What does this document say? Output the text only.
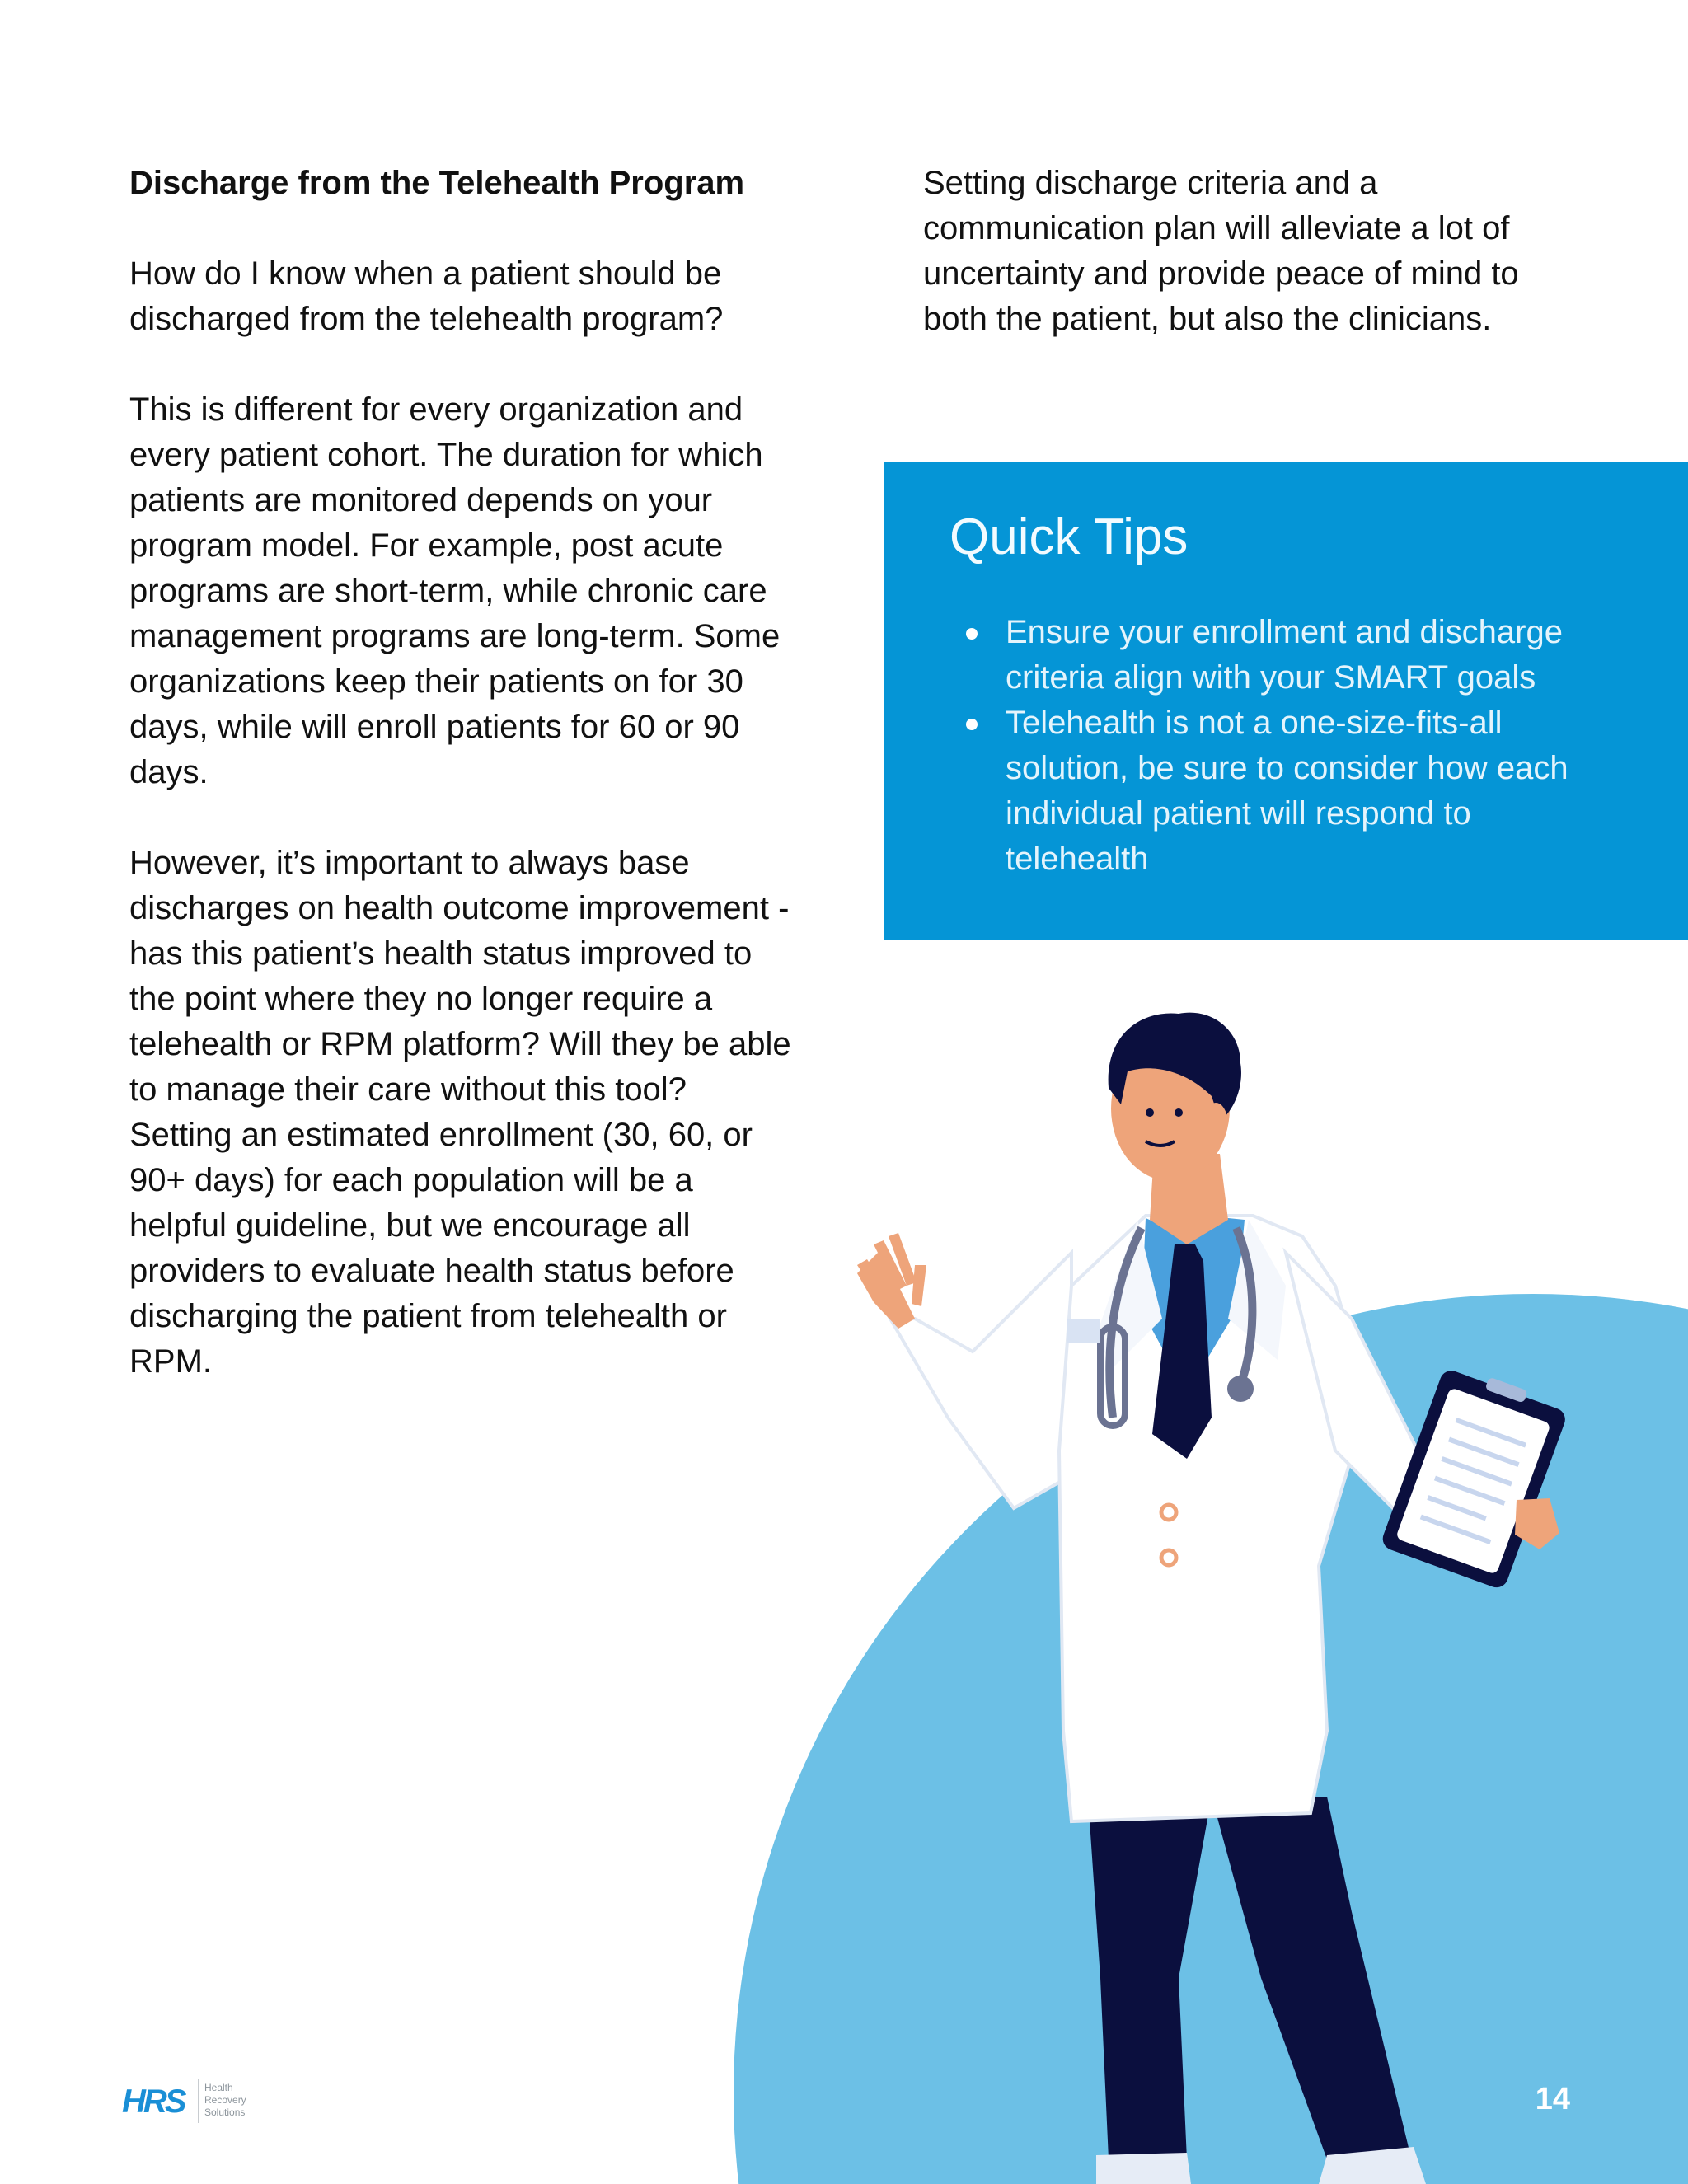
Discharge from the Telehealth Program

How do I know when a patient should be discharged from the telehealth program?

This is different for every organization and every patient cohort. The duration for which patients are monitored depends on your program model. For example, post acute programs are short-term, while chronic care management programs are long-term. Some organizations keep their patients on for 30 days, while will enroll patients for 60 or 90 days.

However, it’s important to always base discharges on health outcome improvement - has this patient’s health status improved to the point where they no longer require a telehealth or RPM platform? Will they be able to manage their care without this tool? Setting an estimated enrollment (30, 60, or 90+ days) for each population will be a helpful guideline, but we encourage all providers to evaluate health status before discharging the patient from telehealth or RPM.

Setting discharge criteria and a communication plan will alleviate a lot of uncertainty and provide peace of mind to both the patient, but also the clinicians.

Quick Tips
Ensure your enrollment and discharge criteria align with your SMART goals
Telehealth is not a one-size-fits-all solution, be sure to consider how each individual patient will respond to telehealth
HRS Health
Recovery
Solutions	14
